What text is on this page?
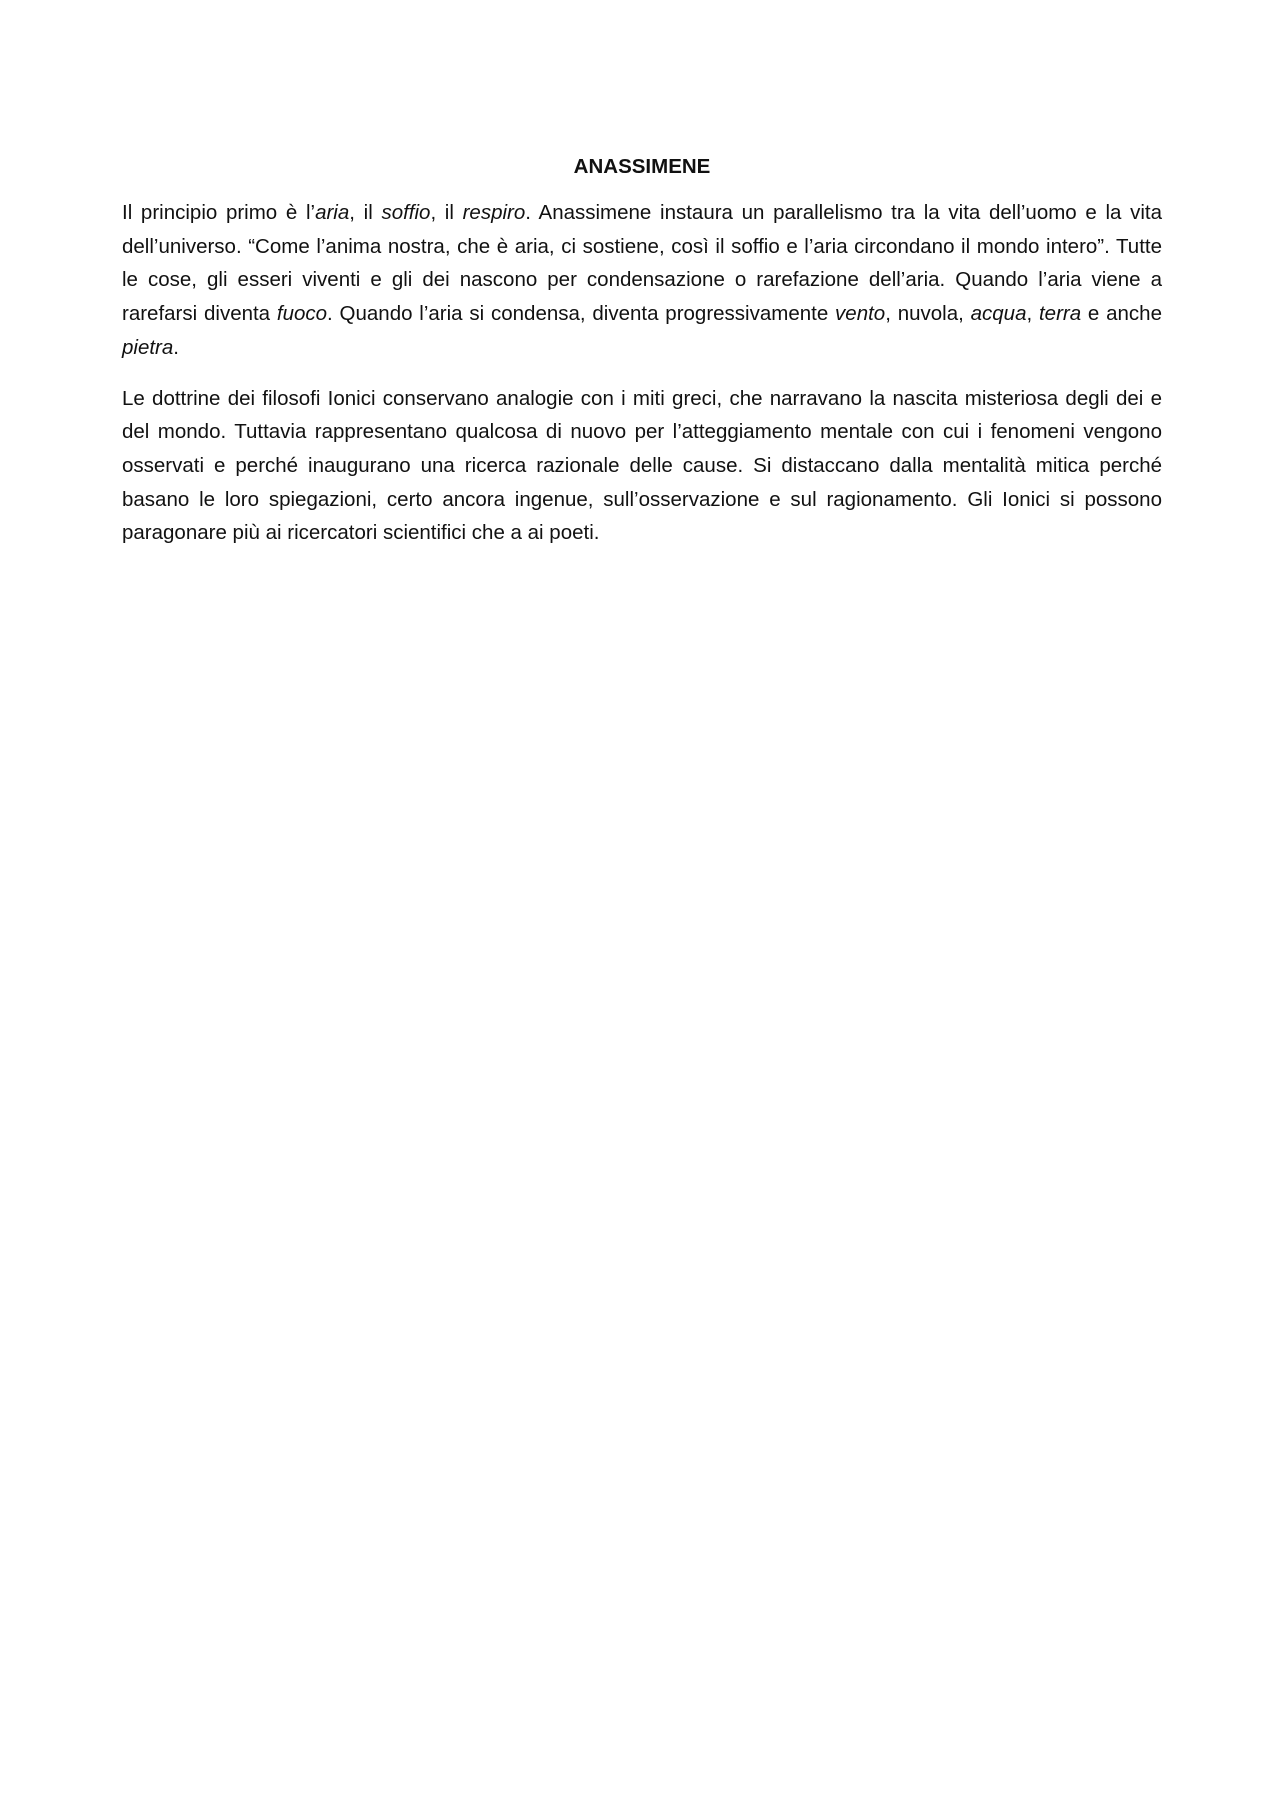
ANASSIMENE

Il principio primo è l’aria, il soffio, il respiro. Anassimene instaura un parallelismo tra la vita dell’uomo e la vita dell’universo. “Come l’anima nostra, che è aria, ci sostiene, così il soffio e l’aria circondano il mondo intero”. Tutte le cose, gli esseri viventi e gli dei nascono per condensazione o rarefazione dell’aria. Quando l’aria viene a rarefarsi diventa fuoco. Quando l’aria si condensa, diventa progressivamente vento, nuvola, acqua, terra e anche pietra.

Le dottrine dei filosofi Ionici conservano analogie con i miti greci, che narravano la nascita misteriosa degli dei e del mondo. Tuttavia rappresentano qualcosa di nuovo per l’atteggiamento mentale con cui i fenomeni vengono osservati e perché inaugurano una ricerca razionale delle cause. Si distaccano dalla mentalità mitica perché basano le loro spiegazioni, certo ancora ingenue, sull’osservazione e sul ragionamento. Gli Ionici si possono paragonare più ai ricercatori scientifici che a ai poeti.
